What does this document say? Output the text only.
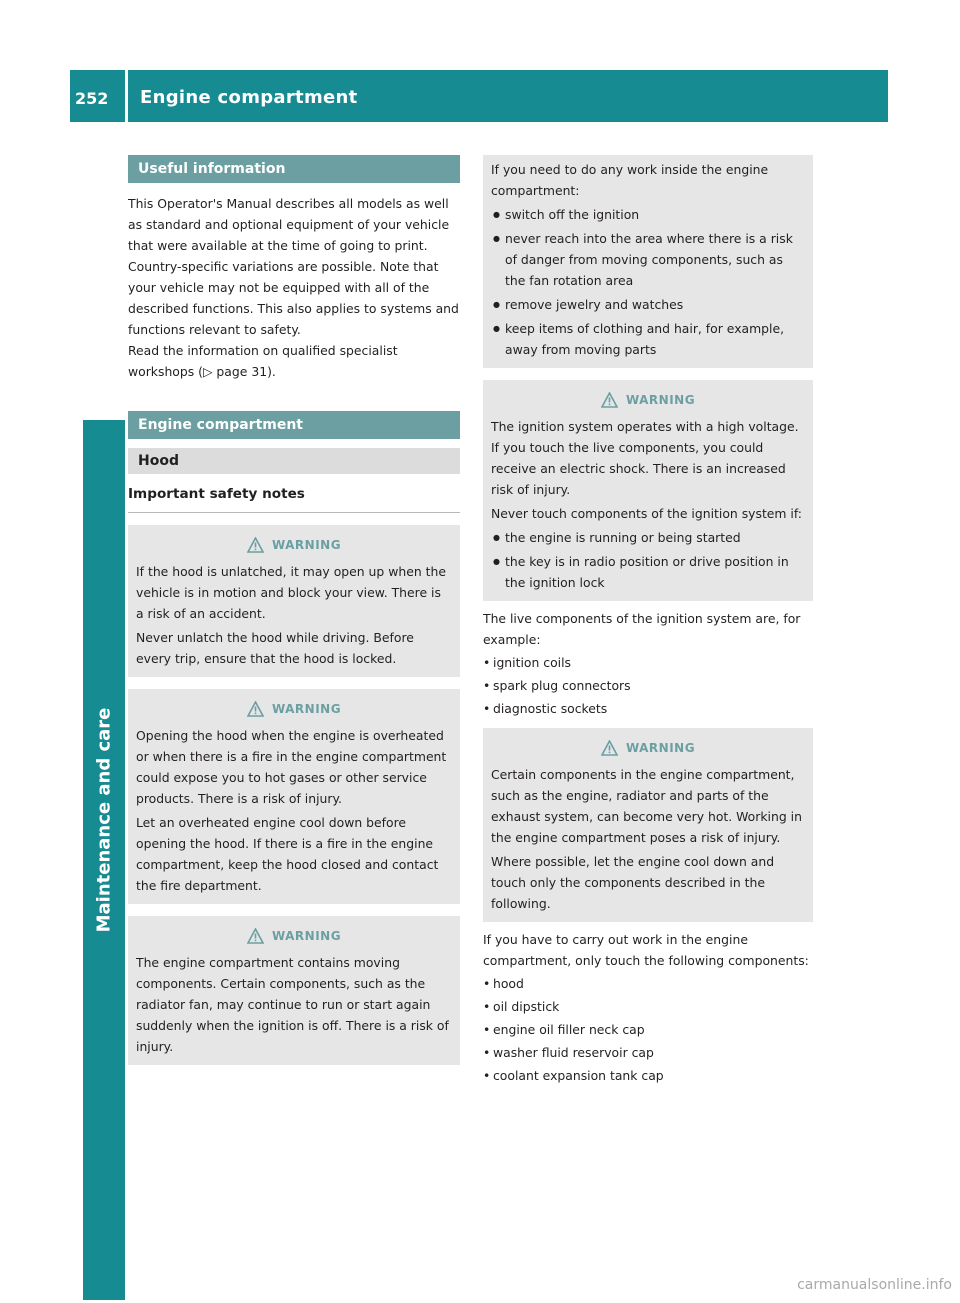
252 Engine compartment
Maintenance and care
Useful information

This Operator's Manual describes all models as well as standard and optional equipment of your vehicle that were available at the time of going to print. Country-specific variations are possible. Note that your vehicle may not be equipped with all of the described functions. This also applies to systems and functions relevant to safety.

Read the information on qualified specialist workshops (▷ page 31).

Engine compartment
Hood
Important safety notes
WARNING

If the hood is unlatched, it may open up when the vehicle is in motion and block your view. There is a risk of an accident.

Never unlatch the hood while driving. Before every trip, ensure that the hood is locked.

WARNING

Opening the hood when the engine is overheated or when there is a fire in the engine compartment could expose you to hot gases or other service products. There is a risk of injury.

Let an overheated engine cool down before opening the hood. If there is a fire in the engine compartment, keep the hood closed and contact the fire department.

WARNING

The engine compartment contains moving components. Certain components, such as the radiator fan, may continue to run or start again suddenly when the ignition is off. There is a risk of injury.

If you need to do any work inside the engine compartment:

● switch off the ignition

● never reach into the area where there is a risk of danger from moving components, such as the fan rotation area

● remove jewelry and watches

● keep items of clothing and hair, for example, away from moving parts

WARNING

The ignition system operates with a high voltage. If you touch the live components, you could receive an electric shock. There is an increased risk of injury.

Never touch components of the ignition system if:

● the engine is running or being started

● the key is in radio position or drive position in the ignition lock

The live components of the ignition system are, for example:

• ignition coils

• spark plug connectors

• diagnostic sockets

WARNING

Certain components in the engine compartment, such as the engine, radiator and parts of the exhaust system, can become very hot. Working in the engine compartment poses a risk of injury.

Where possible, let the engine cool down and touch only the components described in the following.

If you have to carry out work in the engine compartment, only touch the following components:

• hood

• oil dipstick

• engine oil filler neck cap

• washer fluid reservoir cap

• coolant expansion tank cap

carmanualsonline.info
